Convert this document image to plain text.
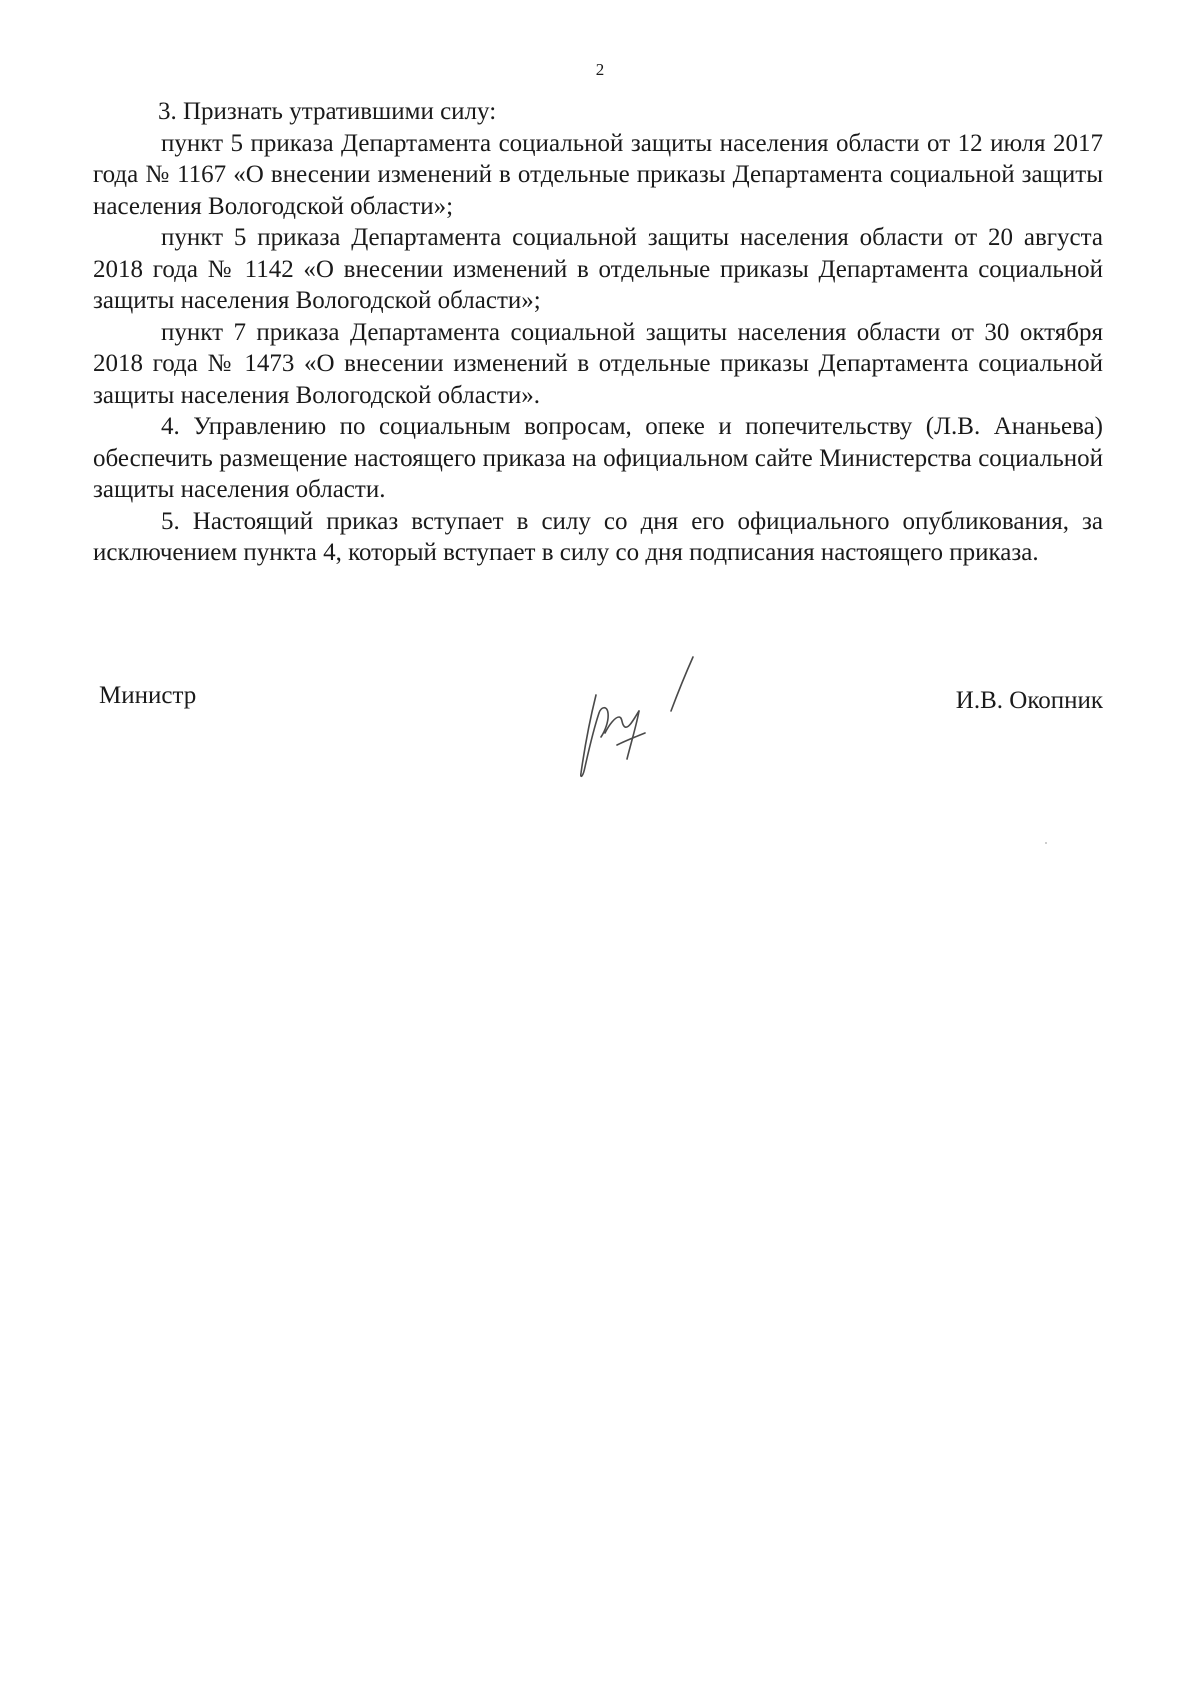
2

3. Признать утратившими силу:

пункт 5 приказа Департамента социальной защиты населения области от 12 июля 2017 года № 1167 «О внесении изменений в отдельные приказы Департамента социальной защиты населения Вологодской области»;

пункт 5 приказа Департамента социальной защиты населения области от 20 августа 2018 года № 1142 «О внесении изменений в отдельные приказы Департамента социальной защиты населения Вологодской области»;

пункт 7 приказа Департамента социальной защиты населения области от 30 октября 2018 года № 1473 «О внесении изменений в отдельные приказы Департамента социальной защиты населения Вологодской области».

4. Управлению по социальным вопросам, опеке и попечительству (Л.В. Ананьева) обеспечить размещение настоящего приказа на официальном сайте Министерства социальной защиты населения области.

5. Настоящий приказ вступает в силу со дня его официального опубликования, за исключением пункта 4, который вступает в силу со дня подписания настоящего приказа.

Министр	И.В. Окопник
